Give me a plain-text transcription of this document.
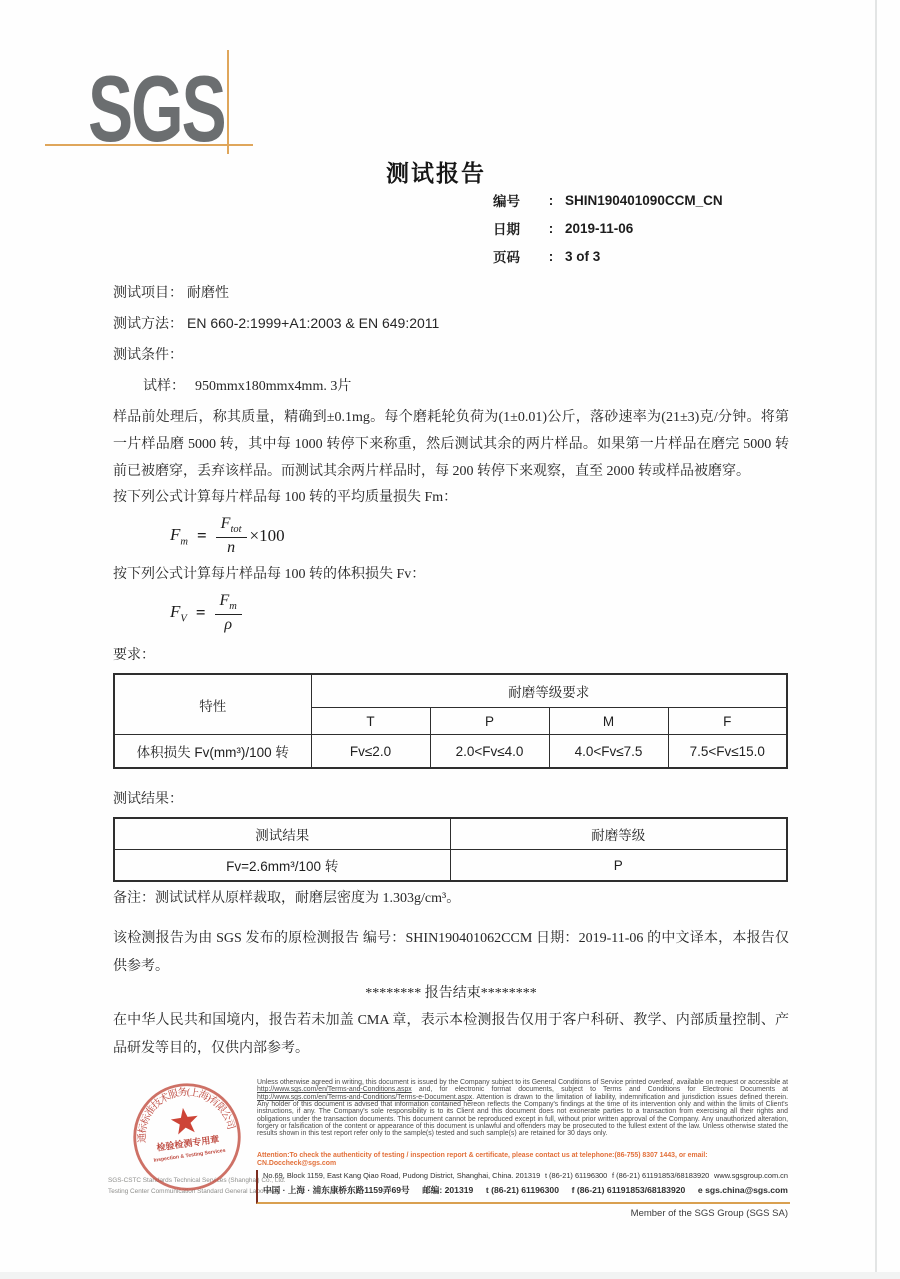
SGS
测试报告
编号	: SHIN190401090CCM_CN
日期	: 2019-11-06
页码	: 3 of 3
测试项目： 耐磨性
测试方法： EN 660-2:1999+A1:2003 & EN 649:2011
测试条件：
试样： 950mmx180mmx4mm. 3片

样品前处理后，称其质量，精确到±0.1mg。每个磨耗轮负荷为(1±0.01)公斤，落砂速率为(21±3)克/分钟。将第一片样品磨 5000 转，其中每 1000 转停下来称重，然后测试其余的两片样品。如果第一片样品在磨完 5000 转前已被磨穿，丢弃该样品。而测试其余两片样品时，每 200 转停下来观察，直至 2000 转或样品被磨穿。

按下列公式计算每片样品每 100 转的平均质量损失 Fm：

$F_m = \frac{F_{tot}}{n} \times 100$

按下列公式计算每片样品每 100 转的体积损失 Fv：

$F_V = \frac{F_m}{\rho}$

要求：

特性	耐磨等级要求			
	T	P	M	F
体积损失 Fv(mm³)/100 转	Fv≤2.0	2.0<Fv≤4.0	4.0<Fv≤7.5	7.5<Fv≤15.0

测试结果：

测试结果	耐磨等级
Fv=2.6mm³/100 转	P

备注：测试试样从原样裁取，耐磨层密度为 1.303g/cm³。

该检测报告为由 SGS 发布的原检测报告 编号：SHIN190401062CCM 日期：2019-11-06 的中文译本，本报告仅供参考。

******** 报告结束********

在中华人民共和国境内，报告若未加盖 CMA 章，表示本检测报告仅用于客户科研、教学、内部质量控制、产品研发等目的，仅供内部参考。

SGS-CSTC Standards Technical Services (Shanghai) Co., Ltd.
Testing Center Communication Standard General Laboratory
通标标准技术服务(上海)有限公司
检验检测专用章
Inspection & Testing Services
Unless otherwise agreed in writing, this document is issued by the Company subject to its General Conditions of Service printed overleaf, available on request or accessible at http://www.sgs.com/en/Terms-and-Conditions.aspx and, for electronic format documents, subject to Terms and Conditions for Electronic Documents at http://www.sgs.com/en/Terms-and-Conditions/Terms-e-Document.aspx. Attention is drawn to the limitation of liability, indemnification and jurisdiction issues defined therein. Any holder of this document is advised that information contained hereon reflects the Company's findings at the time of its intervention only and within the limits of Client's instructions, if any. The Company's sole responsibility is to its Client and this document does not exonerate parties to a transaction from exercising all their rights and obligations under the transaction documents. This document cannot be reproduced except in full, without prior written approval of the Company. Any unauthorized alteration, forgery or falsification of the content or appearance of this document is unlawful and offenders may be prosecuted to the fullest extent of the law. Unless otherwise stated the results shown in this test report refer only to the sample(s) tested and such sample(s) are retained for 30 days only.
Attention:To check the authenticity of testing / inspection report & certificate, please contact us at telephone:(86-755) 8307 1443, or email: CN.Doccheck@sgs.com
No.69, Block 1159, East Kang Qiao Road, Pudong District, Shanghai, China. 201319 t (86-21) 61196300 f (86-21) 61191853/68183920 www.sgsgroup.com.cn
中国 · 上海 · 浦东康桥东路1159弄69号 邮编: 201319 t (86-21) 61196300 f (86-21) 61191853/68183920 e sgs.china@sgs.com
Member of the SGS Group (SGS SA)
